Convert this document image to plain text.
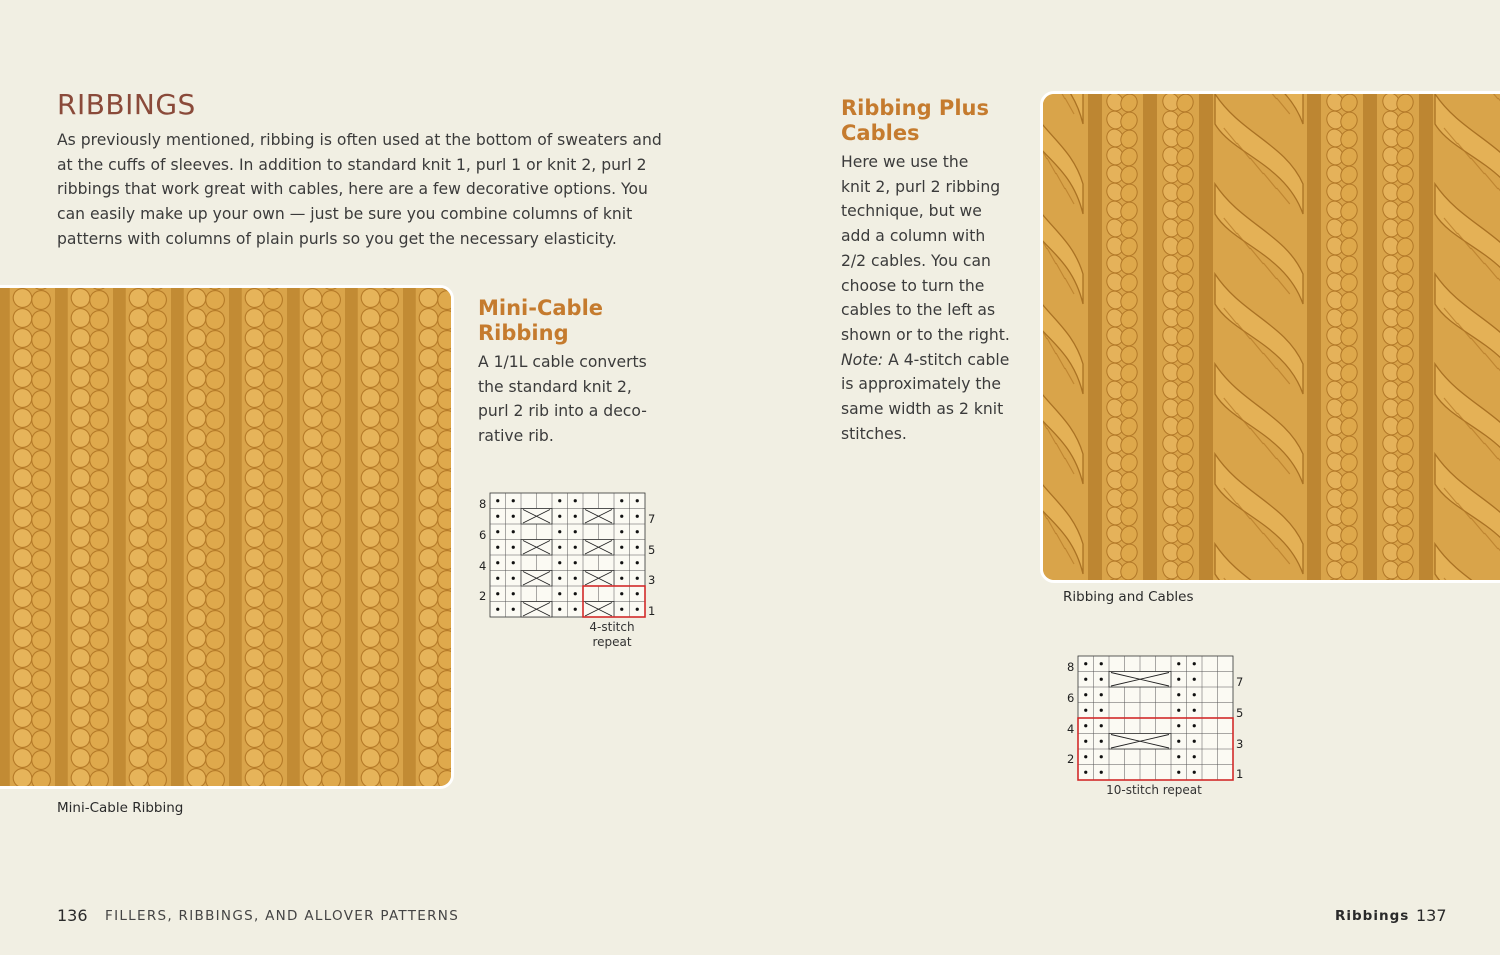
RIBBINGS
As previously mentioned, ribbing is often used at the bottom of sweaters and at the cuffs of sleeves. In addition to standard knit 1, purl 1 or knit 2, purl 2 ribbings that work great with cables, here are a few decorative options. You can easily make up your own — just be sure you combine columns of knit patterns with columns of plain purls so you get the necessary elasticity.
Mini-Cable Ribbing
Mini-Cable
Ribbing
A 1/1L cable converts the standard knit 2, purl 2 rib into a deco- rative rib.
8
6
4
2
7
5
3
1
4-stitch
repeat
136 FILLERS, RIBBINGS, AND ALLOVER PATTERNS
Ribbing Plus
Cables
Here we use the
knit 2, purl 2 ribbing
technique, but we
add a column with
2/2 cables. You can
choose to turn the
cables to the left as
shown or to the right.
Note: A 4-stitch cable
is approximately the
same width as 2 knit
stitches.
Ribbing and Cables
8
6
4
2
7
5
3
1
10-stitch repeat
Ribbings 137
